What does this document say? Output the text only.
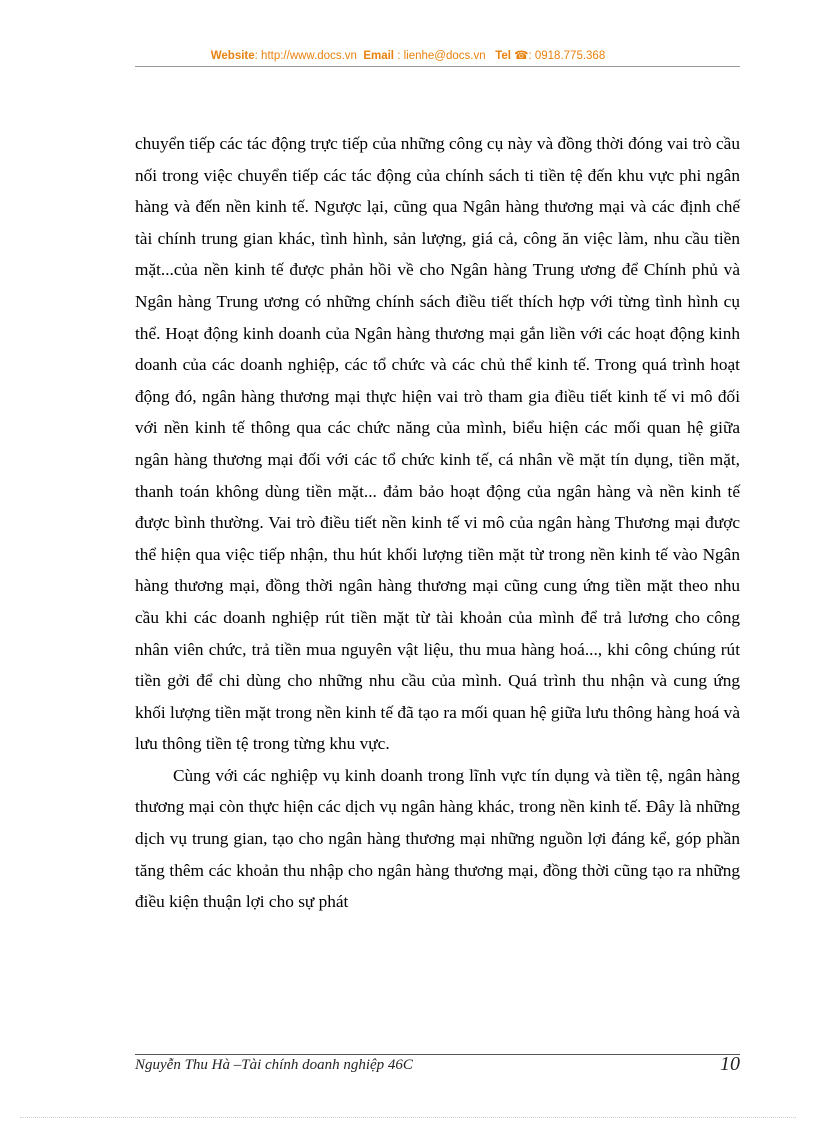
Website: http://www.docs.vn Email : lienhe@docs.vn Tel ☎: 0918.775.368

chuyển tiếp các tác động trực tiếp của những công cụ này và đồng thời đóng vai trò cầu nối trong việc chuyển tiếp các tác động của chính sách ti tiền tệ đến khu vực phi ngân hàng và đến nền kinh tế. Ngược lại, cũng qua Ngân hàng thương mại và các định chế tài chính trung gian khác, tình hình, sản lượng, giá cả, công ăn việc làm, nhu cầu tiền mặt...của nền kinh tế được phản hồi về cho Ngân hàng Trung ương để Chính phủ và Ngân hàng Trung ương có những chính sách điều tiết thích hợp với từng tình hình cụ thể. Hoạt động kinh doanh của Ngân hàng thương mại gắn liền với các hoạt động kinh doanh của các doanh nghiệp, các tổ chức và các chủ thể kinh tế. Trong quá trình hoạt động đó, ngân hàng thương mại thực hiện vai trò tham gia điều tiết kinh tế vi mô đối với nền kinh tế thông qua các chức năng của mình, biểu hiện các mối quan hệ giữa ngân hàng thương mại đối với các tổ chức kinh tế, cá nhân về mặt tín dụng, tiền mặt, thanh toán không dùng tiền mặt... đảm bảo hoạt động của ngân hàng và nền kinh tế được bình thường. Vai trò điều tiết nền kinh tế vi mô của ngân hàng Thương mại được thể hiện qua việc tiếp nhận, thu hút khối lượng tiền mặt từ trong nền kinh tế vào Ngân hàng thương mại, đồng thời ngân hàng thương mại cũng cung ứng tiền mặt theo nhu cầu khi các doanh nghiệp rút tiền mặt từ tài khoản của mình để trả lương cho công nhân viên chức, trả tiền mua nguyên vật liệu, thu mua hàng hoá..., khi công chúng rút tiền gởi để chi dùng cho những nhu cầu của mình. Quá trình thu nhận và cung ứng khối lượng tiền mặt trong nền kinh tế đã tạo ra mối quan hệ giữa lưu thông hàng hoá và lưu thông tiền tệ trong từng khu vực.

Cùng với các nghiệp vụ kinh doanh trong lĩnh vực tín dụng và tiền tệ, ngân hàng thương mại còn thực hiện các dịch vụ ngân hàng khác, trong nền kinh tế. Đây là những dịch vụ trung gian, tạo cho ngân hàng thương mại những nguồn lợi đáng kể, góp phần tăng thêm các khoản thu nhập cho ngân hàng thương mại, đồng thời cũng tạo ra những điều kiện thuận lợi cho sự phát

Nguyễn Thu Hà –Tài chính doanh nghiệp 46C	10
